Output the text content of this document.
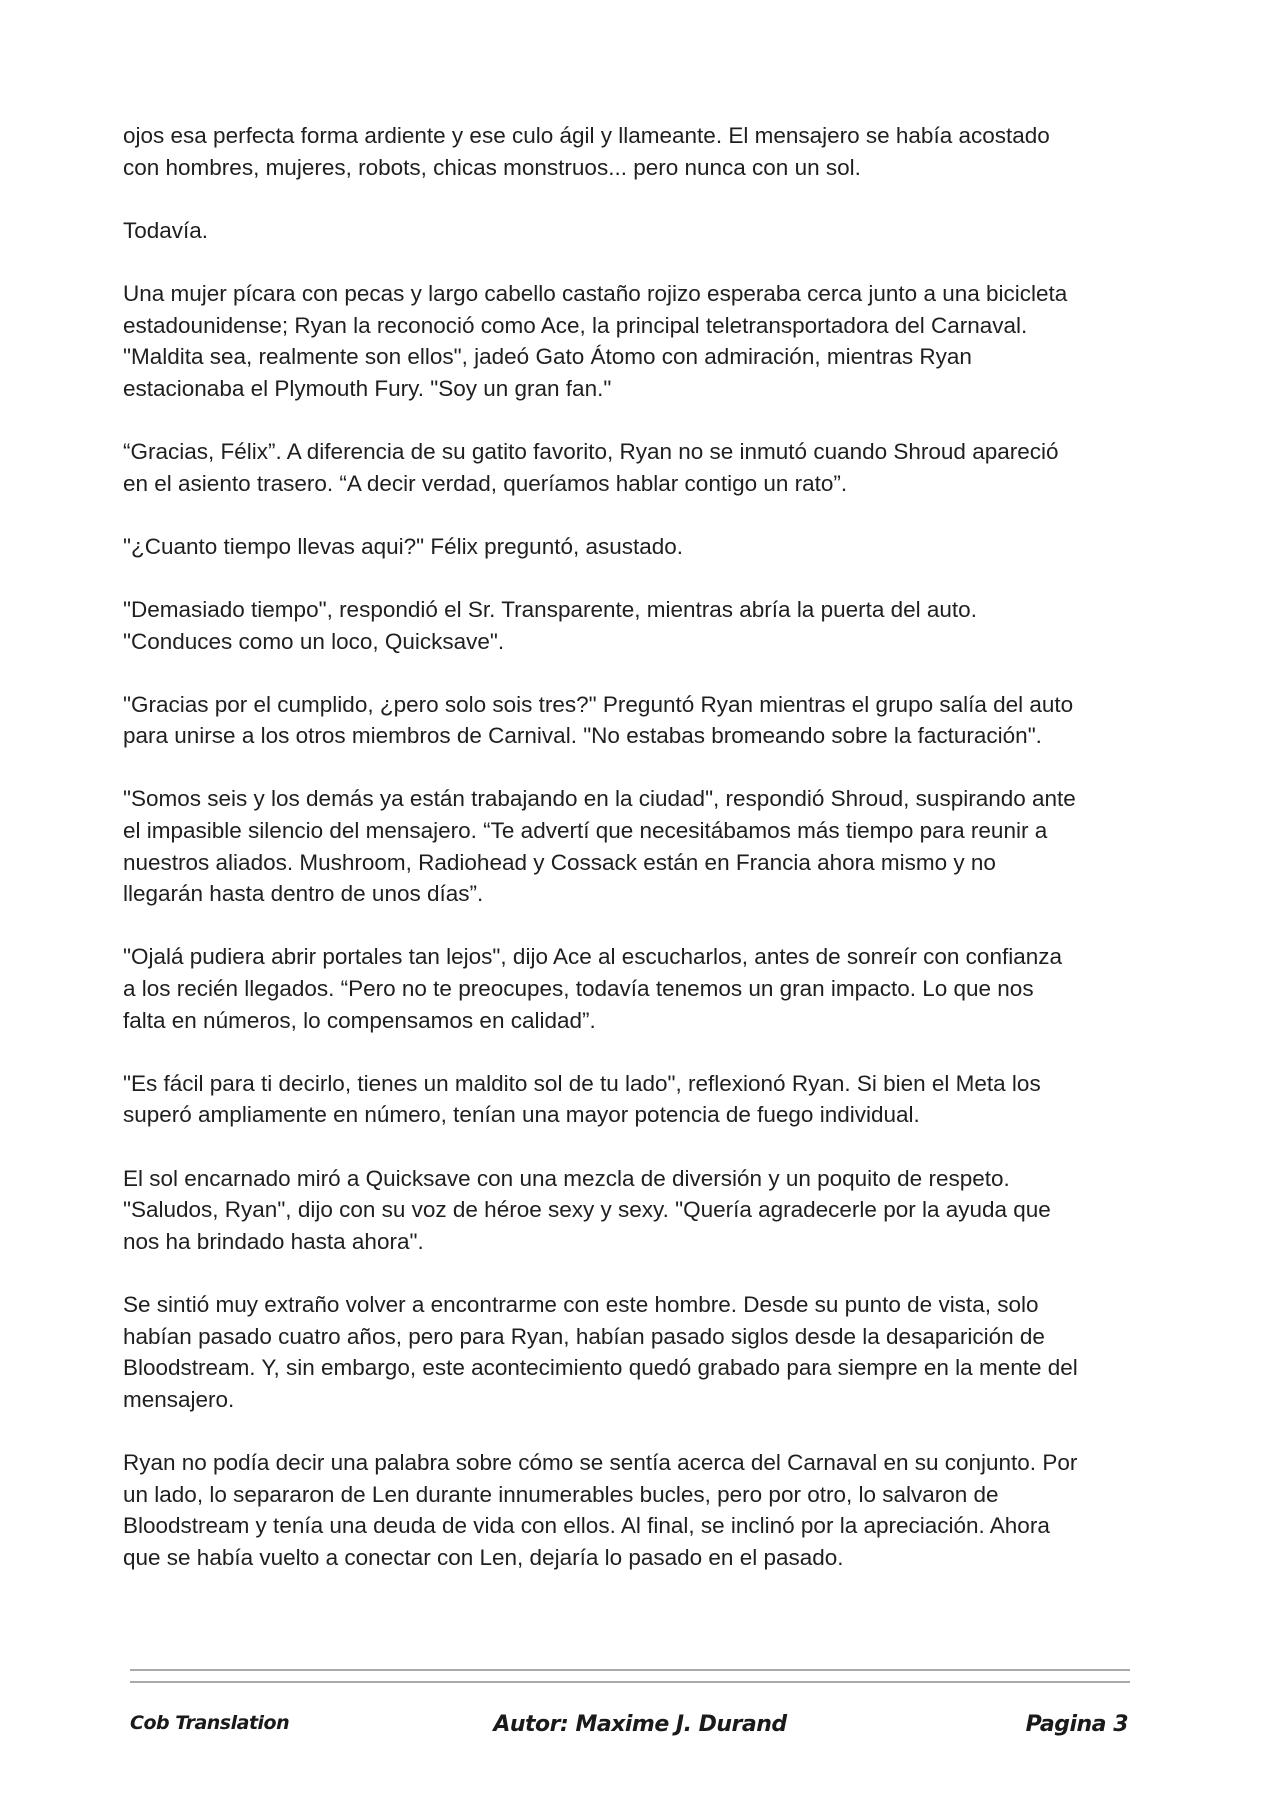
ojos esa perfecta forma ardiente y ese culo ágil y llameante. El mensajero se había acostado
con hombres, mujeres, robots, chicas monstruos... pero nunca con un sol.

Todavía.

Una mujer pícara con pecas y largo cabello castaño rojizo esperaba cerca junto a una bicicleta
estadounidense; Ryan la reconoció como Ace, la principal teletransportadora del Carnaval.
"Maldita sea, realmente son ellos", jadeó Gato Átomo con admiración, mientras Ryan
estacionaba el Plymouth Fury. "Soy un gran fan."

“Gracias, Félix”. A diferencia de su gatito favorito, Ryan no se inmutó cuando Shroud apareció
en el asiento trasero. “A decir verdad, queríamos hablar contigo un rato”.

"¿Cuanto tiempo llevas aqui?" Félix preguntó, asustado.

"Demasiado tiempo", respondió el Sr. Transparente, mientras abría la puerta del auto.
"Conduces como un loco, Quicksave".

"Gracias por el cumplido, ¿pero solo sois tres?" Preguntó Ryan mientras el grupo salía del auto
para unirse a los otros miembros de Carnival. "No estabas bromeando sobre la facturación".

"Somos seis y los demás ya están trabajando en la ciudad", respondió Shroud, suspirando ante
el impasible silencio del mensajero. “Te advertí que necesitábamos más tiempo para reunir a
nuestros aliados. Mushroom, Radiohead y Cossack están en Francia ahora mismo y no
llegarán hasta dentro de unos días”.

"Ojalá pudiera abrir portales tan lejos", dijo Ace al escucharlos, antes de sonreír con confianza
a los recién llegados. “Pero no te preocupes, todavía tenemos un gran impacto. Lo que nos
falta en números, lo compensamos en calidad”.

"Es fácil para ti decirlo, tienes un maldito sol de tu lado", reflexionó Ryan. Si bien el Meta los
superó ampliamente en número, tenían una mayor potencia de fuego individual.

El sol encarnado miró a Quicksave con una mezcla de diversión y un poquito de respeto.
"Saludos, Ryan", dijo con su voz de héroe sexy y sexy. "Quería agradecerle por la ayuda que
nos ha brindado hasta ahora".

Se sintió muy extraño volver a encontrarme con este hombre. Desde su punto de vista, solo
habían pasado cuatro años, pero para Ryan, habían pasado siglos desde la desaparición de
Bloodstream. Y, sin embargo, este acontecimiento quedó grabado para siempre en la mente del
mensajero.

Ryan no podía decir una palabra sobre cómo se sentía acerca del Carnaval en su conjunto. Por
un lado, lo separaron de Len durante innumerables bucles, pero por otro, lo salvaron de
Bloodstream y tenía una deuda de vida con ellos. Al final, se inclinó por la apreciación. Ahora
que se había vuelto a conectar con Len, dejaría lo pasado en el pasado.

Cob Translation	Autor: Maxime J. Durand	Pagina 3
